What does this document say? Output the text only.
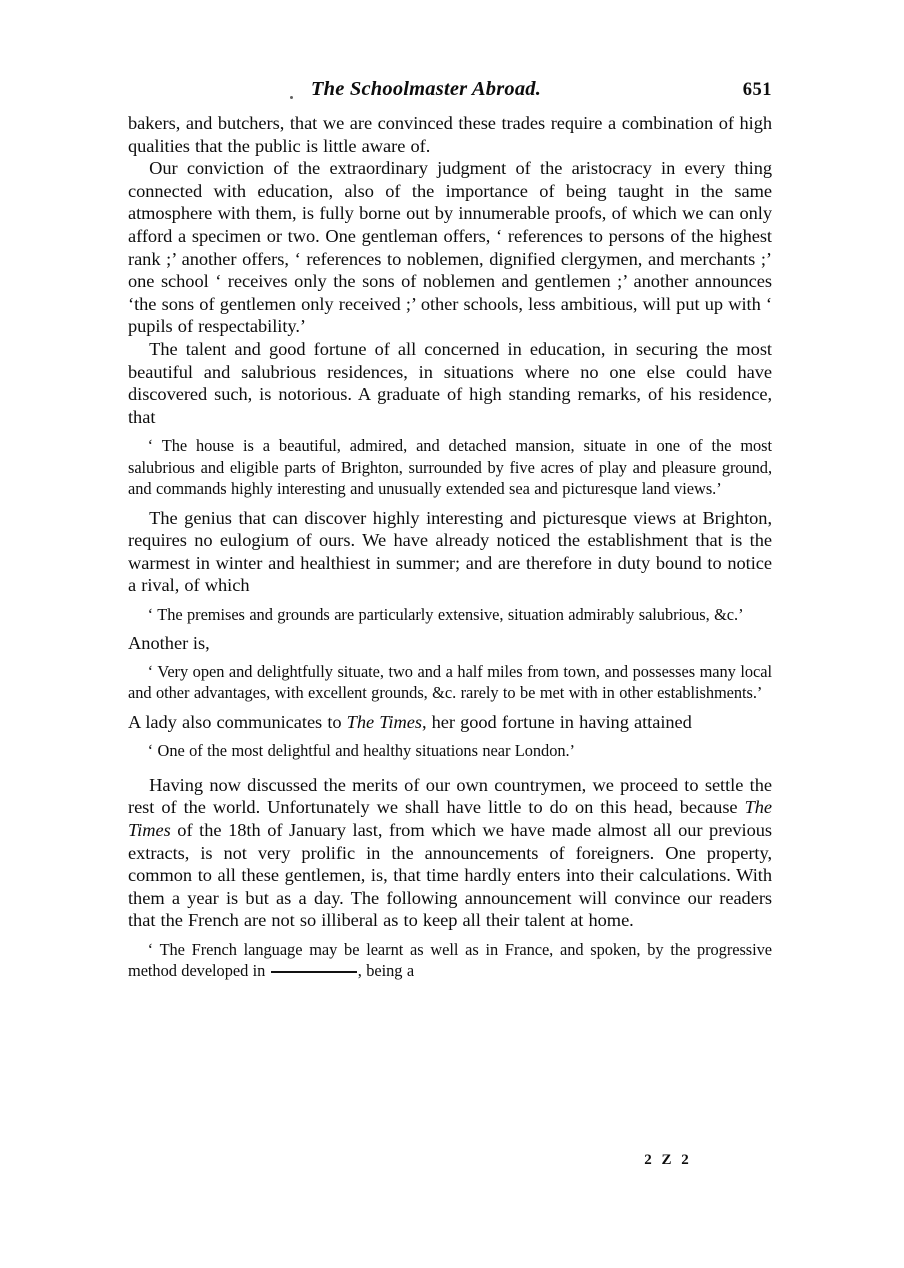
The Schoolmaster Abroad.	651

bakers, and butchers, that we are convinced these trades require a combination of high qualities that the public is little aware of.

Our conviction of the extraordinary judgment of the aristocracy in every thing connected with education, also of the importance of being taught in the same atmosphere with them, is fully borne out by innumerable proofs, of which we can only afford a specimen or two. One gentleman offers, ‘ references to persons of the highest rank ;’ another offers, ‘ references to noblemen, dignified clergymen, and merchants ;’ one school ‘ receives only the sons of noblemen and gentlemen ;’ another announces ‘the sons of gentlemen only received ;’ other schools, less ambitious, will put up with ‘ pupils of respectability.’

The talent and good fortune of all concerned in education, in securing the most beautiful and salubrious residences, in situations where no one else could have discovered such, is notorious. A graduate of high standing remarks, of his residence, that

‘ The house is a beautiful, admired, and detached mansion, situate in one of the most salubrious and eligible parts of Brighton, surrounded by five acres of play and pleasure ground, and commands highly interesting and unusually extended sea and picturesque land views.’

The genius that can discover highly interesting and picturesque views at Brighton, requires no eulogium of ours. We have already noticed the establishment that is the warmest in winter and healthiest in summer; and are therefore in duty bound to notice a rival, of which

‘ The premises and grounds are particularly extensive, situation admirably salubrious, &c.’

Another is,

‘ Very open and delightfully situate, two and a half miles from town, and possesses many local and other advantages, with excellent grounds, &c. rarely to be met with in other establishments.’

A lady also communicates to The Times, her good fortune in having attained

‘ One of the most delightful and healthy situations near London.’

Having now discussed the merits of our own countrymen, we proceed to settle the rest of the world. Unfortunately we shall have little to do on this head, because The Times of the 18th of January last, from which we have made almost all our previous extracts, is not very prolific in the announcements of foreigners. One property, common to all these gentlemen, is, that time hardly enters into their calculations. With them a year is but as a day. The following announcement will convince our readers that the French are not so illiberal as to keep all their talent at home.

‘ The French language may be learnt as well as in France, and spoken, by the progressive method developed in	, being a

2 Z 2
